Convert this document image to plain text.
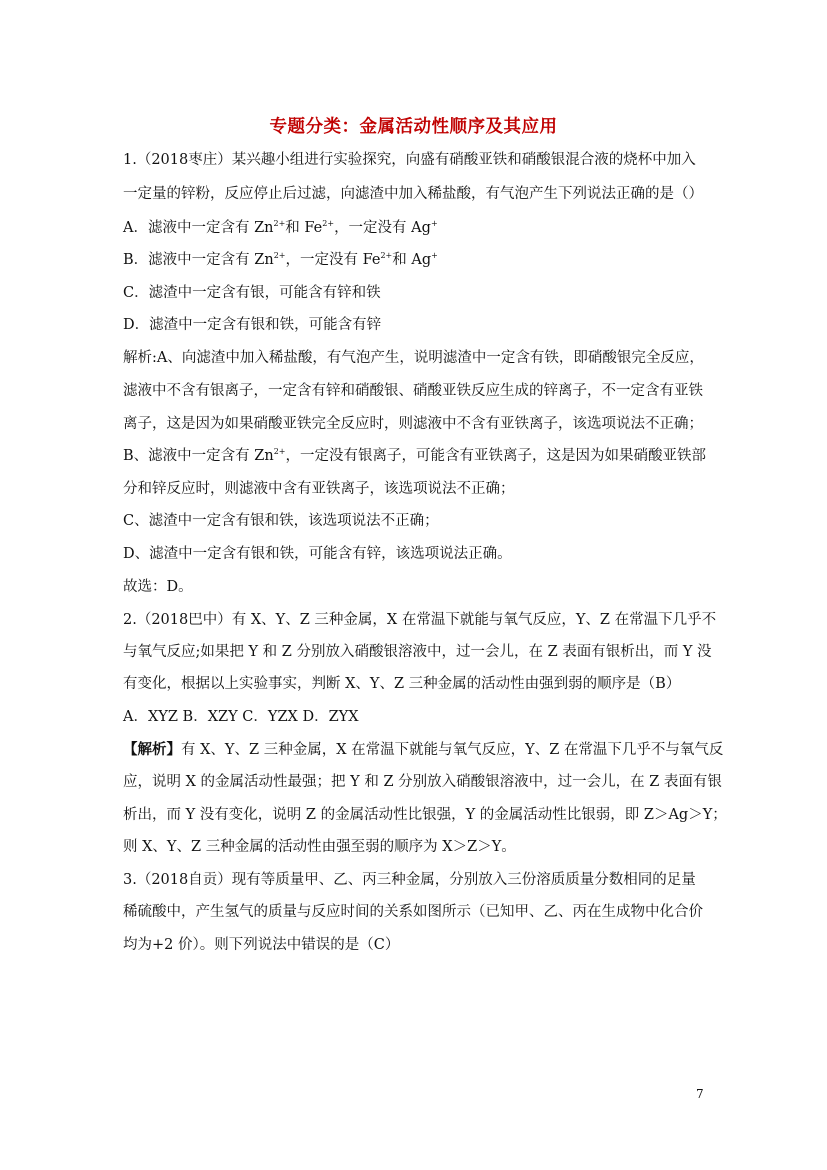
专题分类：金属活动性顺序及其应用
1.（2018枣庄）某兴趣小组进行实验探究，向盛有硝酸亚铁和硝酸银混合液的烧杯中加入
一定量的锌粉，反应停止后过滤，向滤渣中加入稀盐酸，有气泡产生下列说法正确的是（）
A．滤液中一定含有 $Zn^{2+}$和 $Fe^{2+}$，一定没有 Ag+
B．滤液中一定含有 $Zn^{2+}$，一定没有 $Fe^{2+}$和 Ag+
C．滤渣中一定含有银，可能含有锌和铁
D．滤渣中一定含有银和铁，可能含有锌
解析:A、向滤渣中加入稀盐酸，有气泡产生，说明滤渣中一定含有铁，即硝酸银完全反应，
滤液中不含有银离子，一定含有锌和硝酸银、硝酸亚铁反应生成的锌离子，不一定含有亚铁
离子，这是因为如果硝酸亚铁完全反应时，则滤液中不含有亚铁离子，该选项说法不正确；
B、滤液中一定含有 $Zn^{2+}$，一定没有银离子，可能含有亚铁离子，这是因为如果硝酸亚铁部
分和锌反应时，则滤液中含有亚铁离子，该选项说法不正确；
C、滤渣中一定含有银和铁，该选项说法不正确；
D、滤渣中一定含有银和铁，可能含有锌，该选项说法正确。
故选：D。
2.（2018巴中）有 X、Y、Z 三种金属，X 在常温下就能与氧气反应，Y、Z 在常温下几乎不
与氧气反应;如果把 Y 和 Z 分别放入硝酸银溶液中，过一会儿，在 Z 表面有银析出，而 Y 没
有变化，根据以上实验事实，判断 X、Y、Z 三种金属的活动性由强到弱的顺序是（B）
A．XYZ B．XZY C．YZX D．ZYX
【解析】有 X、Y、Z 三种金属，X 在常温下就能与氧气反应，Y、Z 在常温下几乎不与氧气反
应，说明 X 的金属活动性最强；把 Y 和 Z 分别放入硝酸银溶液中，过一会儿，在 Z 表面有银
析出，而 Y 没有变化，说明 Z 的金属活动性比银强，Y 的金属活动性比银弱，即 Z＞Ag＞Y；
则 X、Y、Z 三种金属的活动性由强至弱的顺序为 X＞Z＞Y。
3.（2018自贡）现有等质量甲、乙、丙三种金属，分别放入三份溶质质量分数相同的足量
稀硫酸中，产生氢气的质量与反应时间的关系如图所示（已知甲、乙、丙在生成物中化合价
均为+2 价）。则下列说法中错误的是（C）
7
